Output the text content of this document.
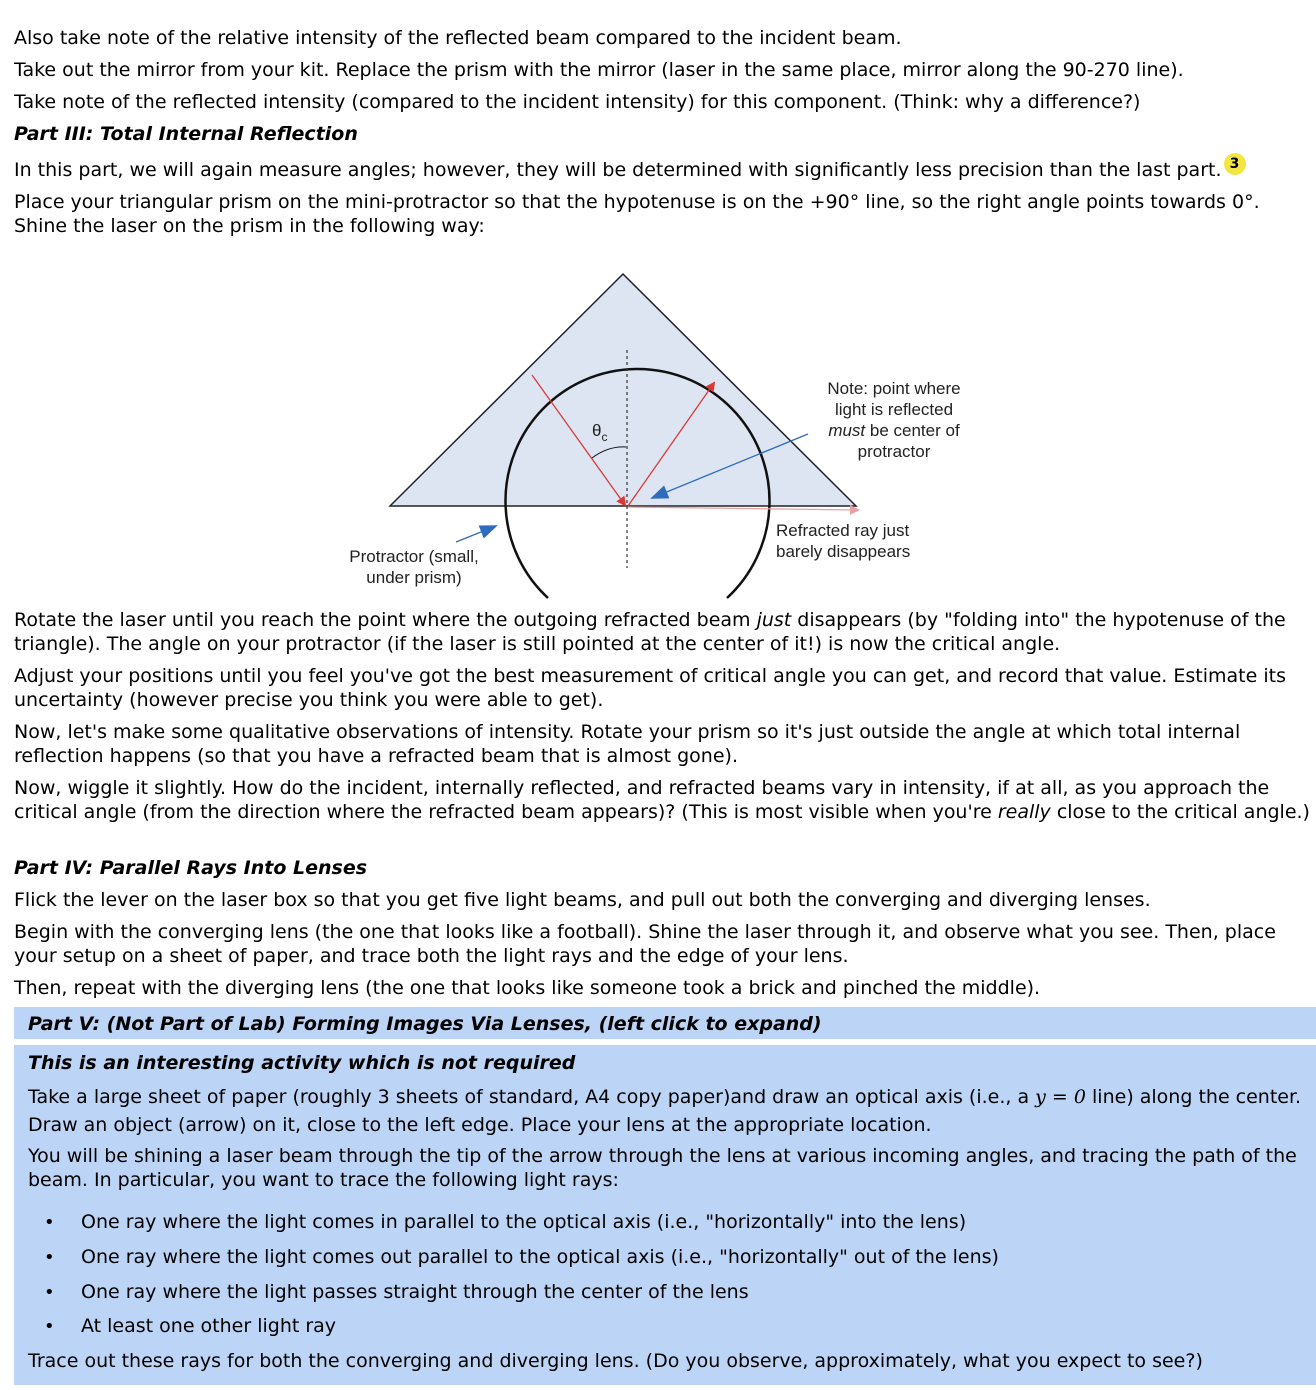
Also take note of the relative intensity of the reflected beam compared to the incident beam.

Take out the mirror from your kit. Replace the prism with the mirror (laser in the same place, mirror along the 90-270 line).

Take note of the reflected intensity (compared to the incident intensity) for this component. (Think: why a difference?)

Part III: Total Internal Reflection

In this part, we will again measure angles; however, they will be determined with significantly less precision than the last part. 3

Place your triangular prism on the mini-protractor so that the hypotenuse is on the +90° line, so the right angle points towards 0°. Shine the laser on the prism in the following way:

$\theta_c$
Note: point where
light is reflected
must be center of
protractor
Refracted ray just
barely disappears
Protractor (small,
under prism)

Rotate the laser until you reach the point where the outgoing refracted beam just disappears (by "folding into" the hypotenuse of the triangle). The angle on your protractor (if the laser is still pointed at the center of it!) is now the critical angle.

Adjust your positions until you feel you've got the best measurement of critical angle you can get, and record that value. Estimate its uncertainty (however precise you think you were able to get).

Now, let's make some qualitative observations of intensity. Rotate your prism so it's just outside the angle at which total internal reflection happens (so that you have a refracted beam that is almost gone).

Now, wiggle it slightly. How do the incident, internally reflected, and refracted beams vary in intensity, if at all, as you approach the critical angle (from the direction where the refracted beam appears)? (This is most visible when you're really close to the critical angle.)

Part IV: Parallel Rays Into Lenses

Flick the lever on the laser box so that you get five light beams, and pull out both the converging and diverging lenses.

Begin with the converging lens (the one that looks like a football). Shine the laser through it, and observe what you see. Then, place your setup on a sheet of paper, and trace both the light rays and the edge of your lens.

Then, repeat with the diverging lens (the one that looks like someone took a brick and pinched the middle).

Part V: (Not Part of Lab) Forming Images Via Lenses, (left click to expand)
This is an interesting activity which is not required
Take a large sheet of paper (roughly 3 sheets of standard, A4 copy paper)and draw an optical axis (i.e., a y = 0 line) along the center. Draw an object (arrow) on it, close to the left edge. Place your lens at the appropriate location.
You will be shining a laser beam through the tip of the arrow through the lens at various incoming angles, and tracing the path of the beam. In particular, you want to trace the following light rays:
• One ray where the light comes in parallel to the optical axis (i.e., "horizontally" into the lens)
• One ray where the light comes out parallel to the optical axis (i.e., "horizontally" out of the lens)
• One ray where the light passes straight through the center of the lens
• At least one other light ray
Trace out these rays for both the converging and diverging lens. (Do you observe, approximately, what you expect to see?)
